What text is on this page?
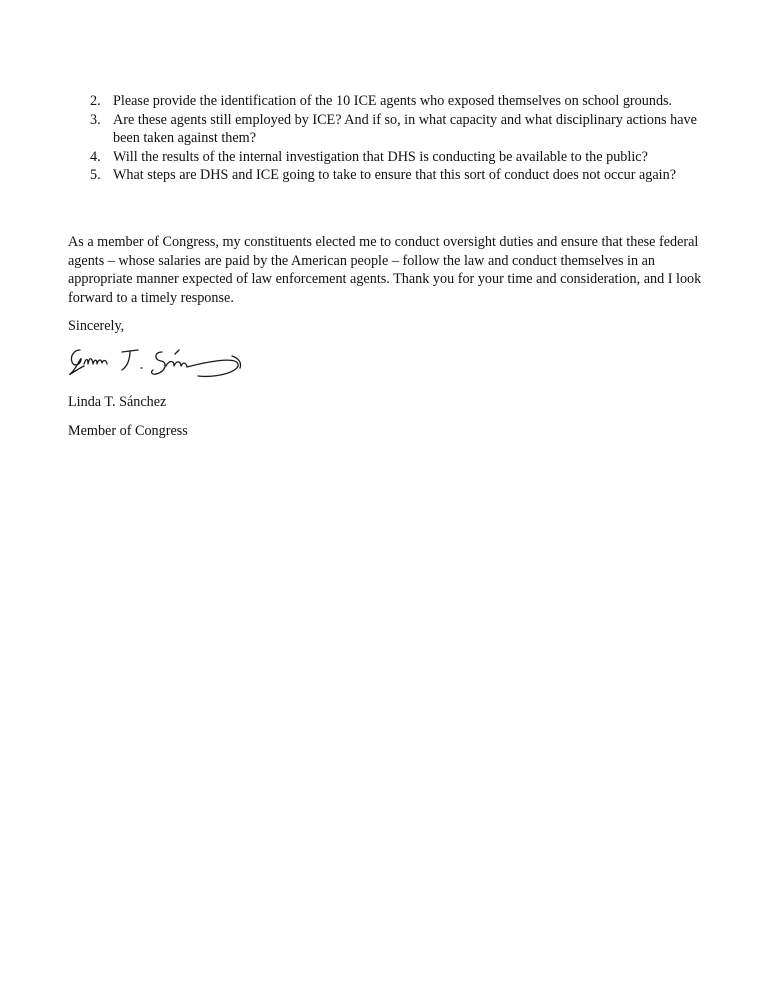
2. Please provide the identification of the 10 ICE agents who exposed themselves on school grounds.
3. Are these agents still employed by ICE? And if so, in what capacity and what disciplinary actions have been taken against them?
4. Will the results of the internal investigation that DHS is conducting be available to the public?
5. What steps are DHS and ICE going to take to ensure that this sort of conduct does not occur again?

As a member of Congress, my constituents elected me to conduct oversight duties and ensure that these federal agents – whose salaries are paid by the American people – follow the law and conduct themselves in an appropriate manner expected of law enforcement agents. Thank you for your time and consideration, and I look forward to a timely response.

Sincerely,

Linda T. Sánchez

Member of Congress
